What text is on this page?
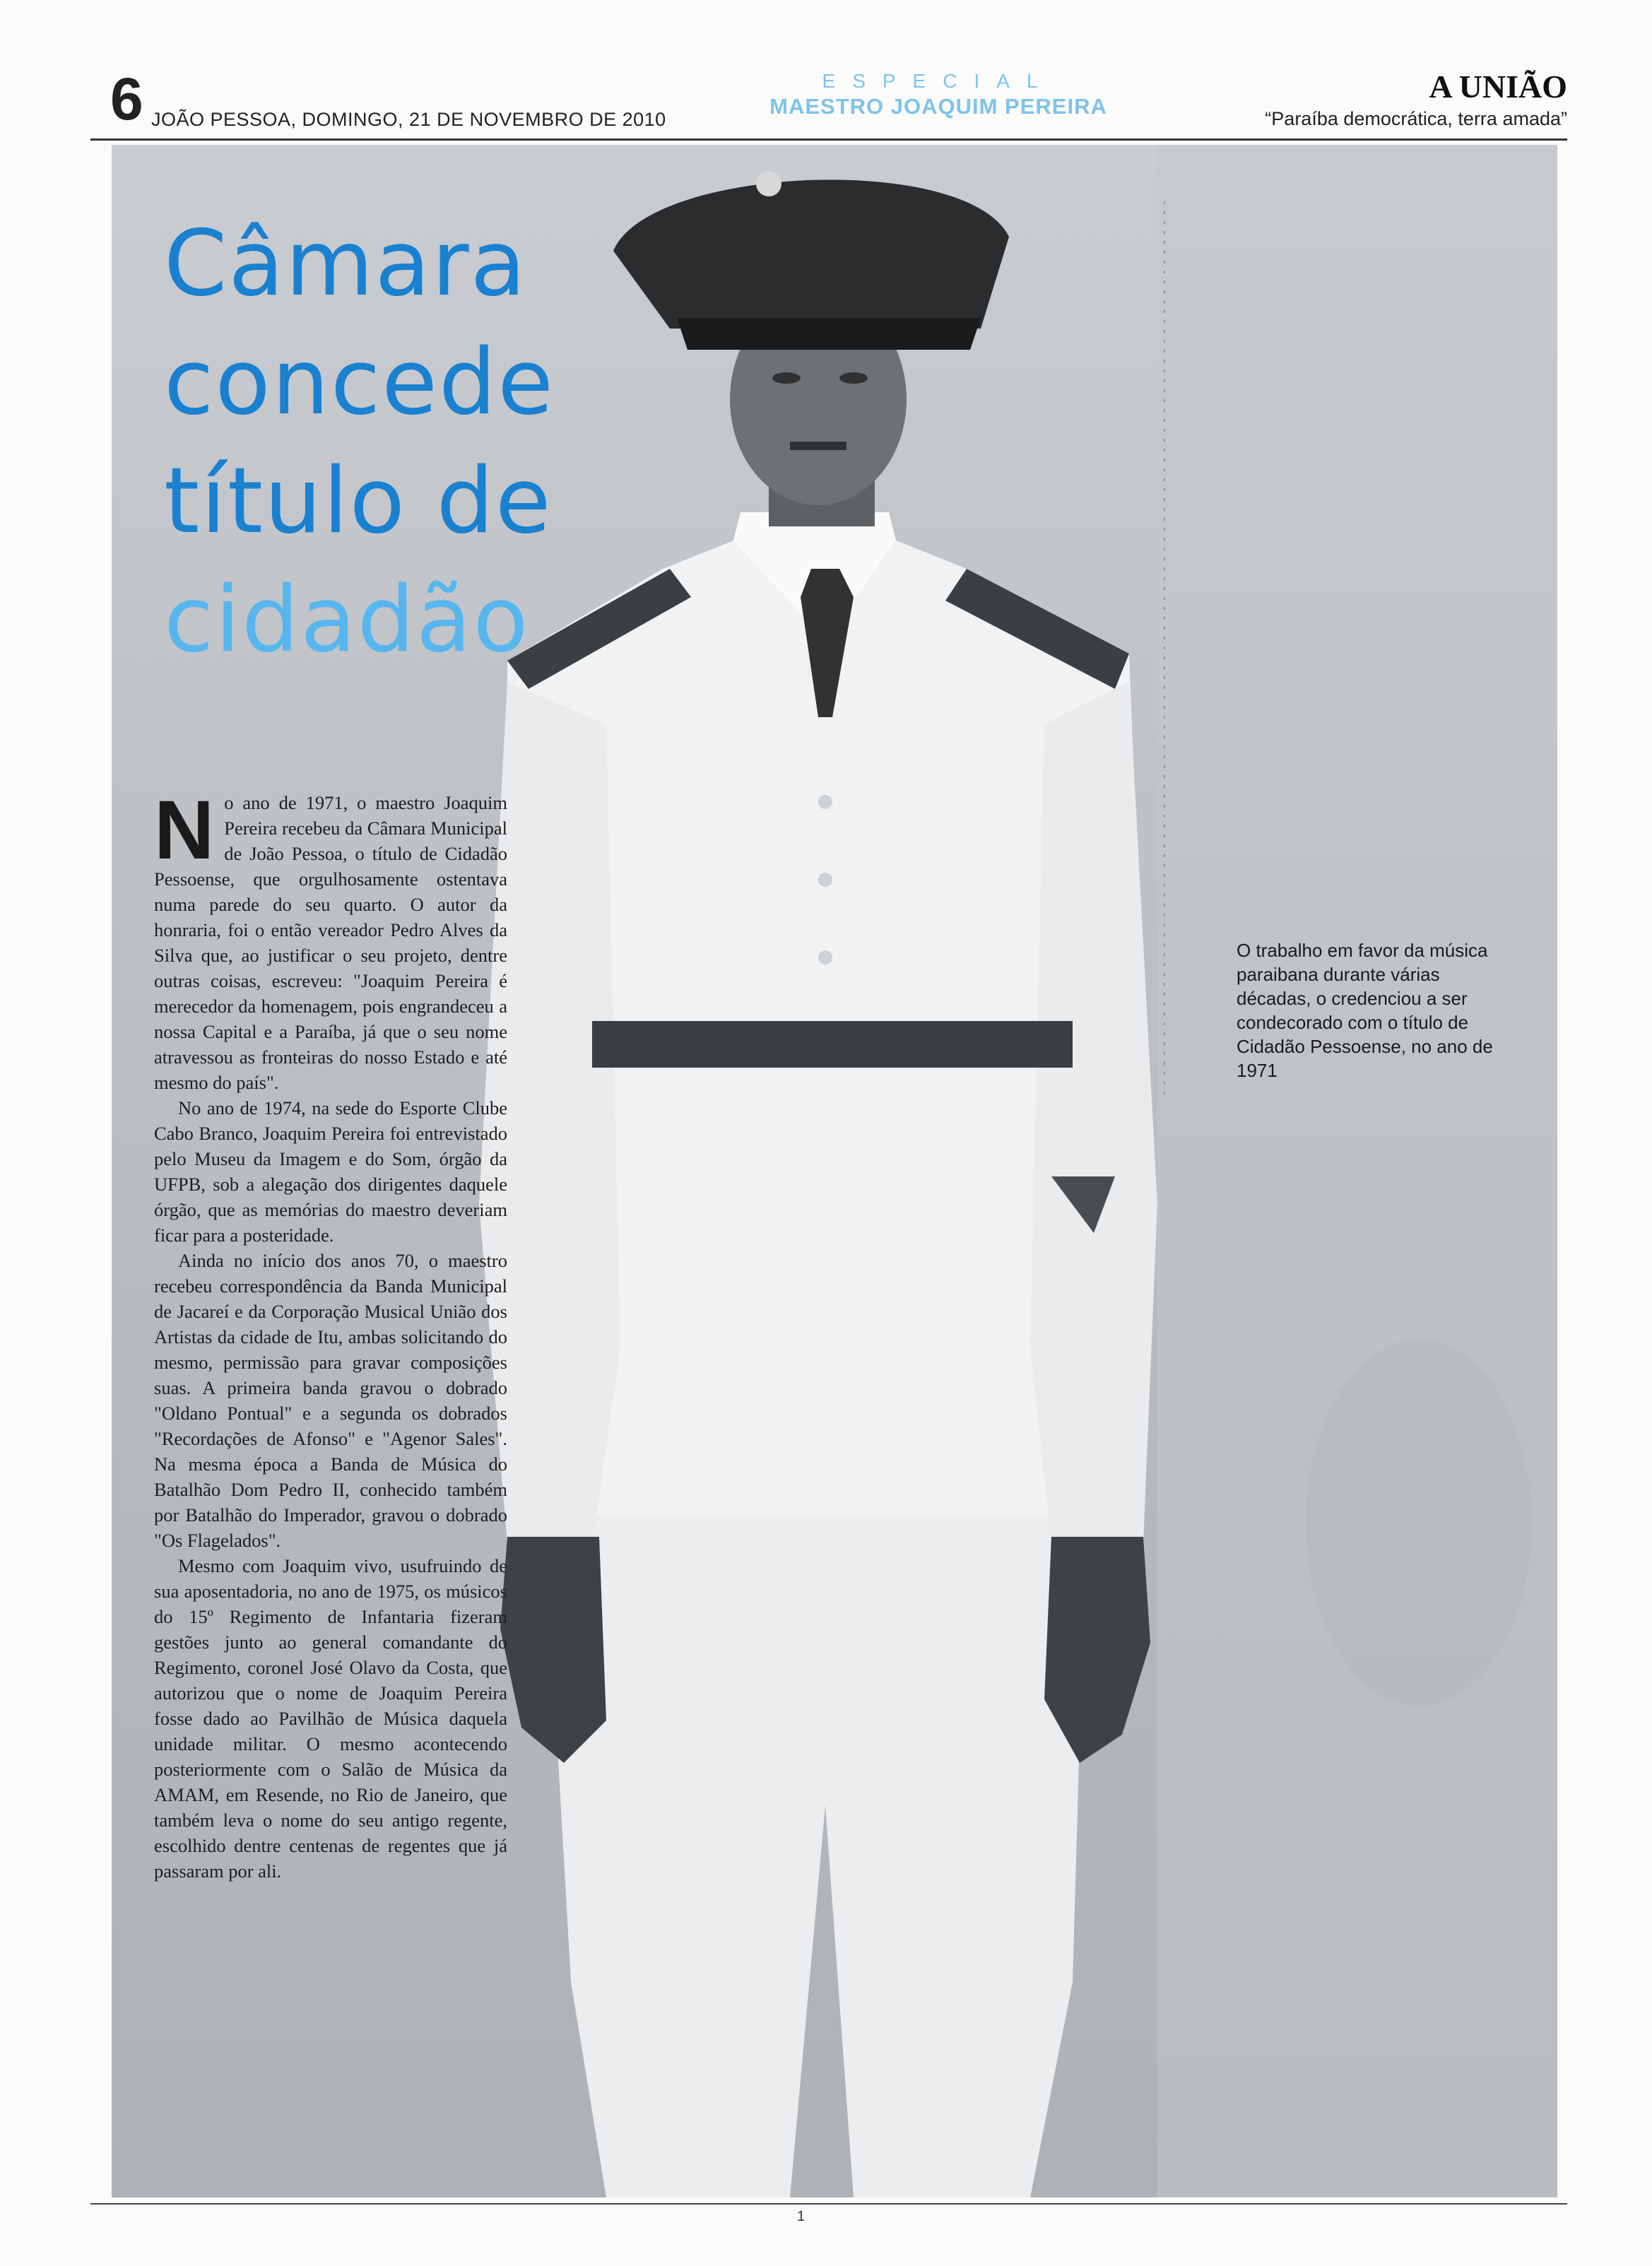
6 JOÃO PESSOA, DOMINGO, 21 DE NOVEMBRO DE 2010
ESPECIAL
MAESTRO JOAQUIM PEREIRA
A UNIÃO
“Paraíba democrática, terra amada”
Câmara
concede
título de
cidadão

No ano de 1971, o maestro Joaquim Pereira recebeu da Câmara Municipal de João Pessoa, o título de Cidadão Pessoense, que orgulhosamente ostentava numa parede do seu quarto. O autor da honraria, foi o então vereador Pedro Alves da Silva que, ao justificar o seu projeto, dentre outras coisas, escreveu: "Joaquim Pereira é merecedor da homenagem, pois engrandeceu a nossa Capital e a Paraíba, já que o seu nome atravessou as fronteiras do nosso Estado e até mesmo do país".

No ano de 1974, na sede do Esporte Clube Cabo Branco, Joaquim Pereira foi entrevistado pelo Museu da Imagem e do Som, órgão da UFPB, sob a alegação dos dirigentes daquele órgão, que as memórias do maestro deveriam ficar para a posteridade.

Ainda no início dos anos 70, o maestro recebeu correspondência da Banda Municipal de Jacareí e da Corporação Musical União dos Artistas da cidade de Itu, ambas solicitando do mesmo, permissão para gravar composições suas. A primeira banda gravou o dobrado "Oldano Pontual" e a segunda os dobrados "Recordações de Afonso" e "Agenor Sales". Na mesma época a Banda de Música do Batalhão Dom Pedro II, conhecido também por Batalhão do Imperador, gravou o dobrado "Os Flagelados".

Mesmo com Joaquim vivo, usufruindo de sua aposentadoria, no ano de 1975, os músicos do 15º Regimento de Infantaria fizeram gestões junto ao general comandante do Regimento, coronel José Olavo da Costa, que autorizou que o nome de Joaquim Pereira fosse dado ao Pavilhão de Música daquela unidade militar. O mesmo acontecendo posteriormente com o Salão de Música da AMAM, em Resende, no Rio de Janeiro, que também leva o nome do seu antigo regente, escolhido dentre centenas de regentes que já passaram por ali.

O trabalho em favor da música paraibana durante várias décadas, o credenciou a ser condecorado com o título de Cidadão Pessoense, no ano de 1971
1
